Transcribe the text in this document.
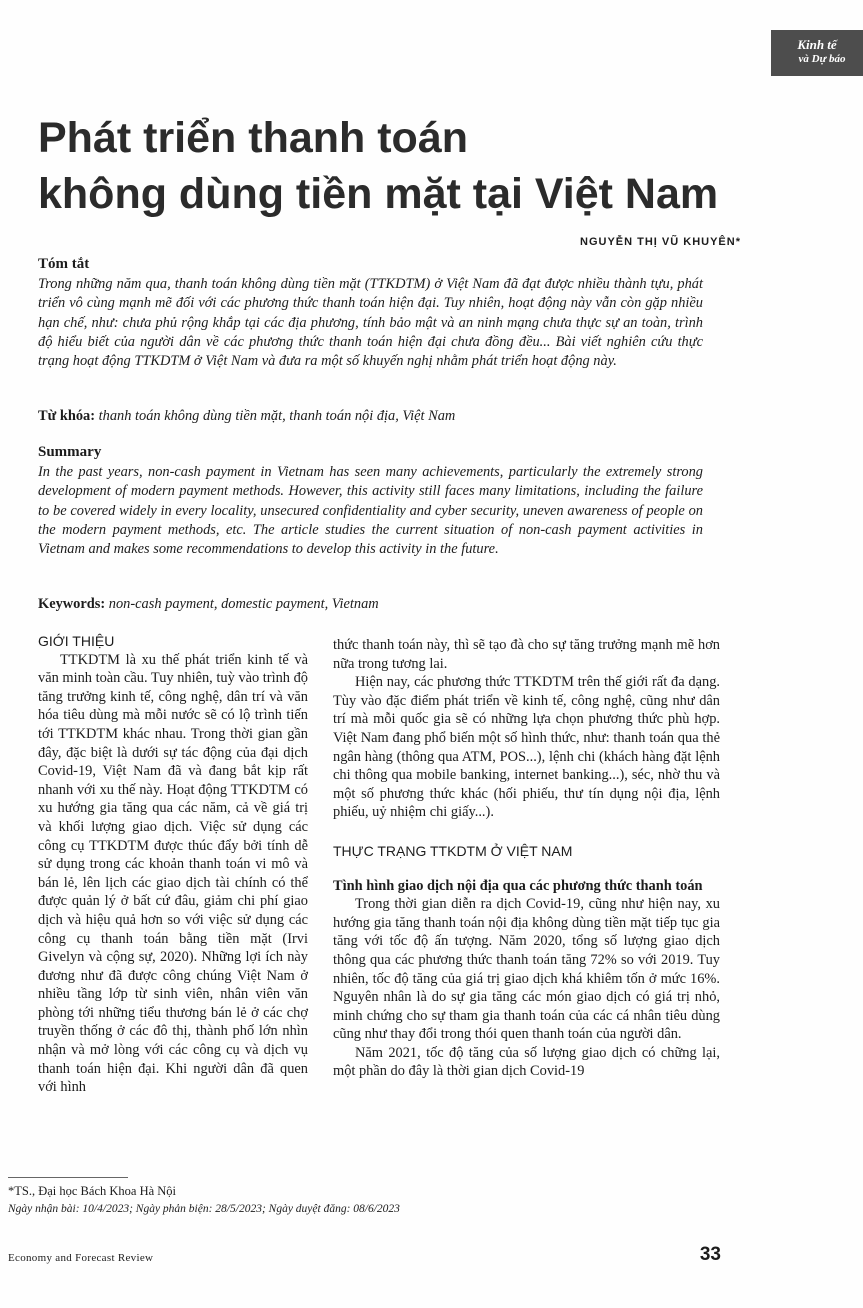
Kinh tế
và Dự báo
Phát triển thanh toán
không dùng tiền mặt tại Việt Nam
NGUYỄN THỊ VŨ KHUYÊN*
Tóm tắt

Trong những năm qua, thanh toán không dùng tiền mặt (TTKDTM) ở Việt Nam đã đạt được nhiều thành tựu, phát triển vô cùng mạnh mẽ đối với các phương thức thanh toán hiện đại. Tuy nhiên, hoạt động này vẫn còn gặp nhiều hạn chế, như: chưa phủ rộng khắp tại các địa phương, tính bảo mật và an ninh mạng chưa thực sự an toàn, trình độ hiểu biết của người dân về các phương thức thanh toán hiện đại chưa đồng đều... Bài viết nghiên cứu thực trạng hoạt động TTKDTM ở Việt Nam và đưa ra một số khuyến nghị nhằm phát triển hoạt động này.

Từ khóa: thanh toán không dùng tiền mặt, thanh toán nội địa, Việt Nam
Summary

In the past years, non-cash payment in Vietnam has seen many achievements, particularly the extremely strong development of modern payment methods. However, this activity still faces many limitations, including the failure to be covered widely in every locality, unsecured confidentiality and cyber security, uneven awareness of people on the modern payment methods, etc. The article studies the current situation of non-cash payment activities in Vietnam and makes some recommendations to develop this activity in the future.

Keywords: non-cash payment, domestic payment, Vietnam

GIỚI THIỆU

TTKDTM là xu thế phát triển kinh tế và văn minh toàn cầu. Tuy nhiên, tuỳ vào trình độ tăng trưởng kinh tế, công nghệ, dân trí và văn hóa tiêu dùng mà mỗi nước sẽ có lộ trình tiến tới TTKDTM khác nhau. Trong thời gian gần đây, đặc biệt là dưới sự tác động của đại dịch Covid-19, Việt Nam đã và đang bắt kịp rất nhanh với xu thế này. Hoạt động TTKDTM có xu hướng gia tăng qua các năm, cả về giá trị và khối lượng giao dịch. Việc sử dụng các công cụ TTKDTM được thúc đẩy bởi tính dễ sử dụng trong các khoản thanh toán vi mô và bán lẻ, lên lịch các giao dịch tài chính có thể được quản lý ở bất cứ đâu, giảm chi phí giao dịch và hiệu quả hơn so với việc sử dụng các công cụ thanh toán bằng tiền mặt (Irvi Givelyn và cộng sự, 2020). Những lợi ích này đương như đã được công chúng Việt Nam ở nhiều tầng lớp từ sinh viên, nhân viên văn phòng tới những tiểu thương bán lẻ ở các chợ truyền thống ở các đô thị, thành phố lớn nhìn nhận và mở lòng với các công cụ và dịch vụ thanh toán hiện đại. Khi người dân đã quen với hình

thức thanh toán này, thì sẽ tạo đà cho sự tăng trưởng mạnh mẽ hơn nữa trong tương lai.

Hiện nay, các phương thức TTKDTM trên thế giới rất đa dạng. Tùy vào đặc điểm phát triển về kinh tế, công nghệ, cũng như dân trí mà mỗi quốc gia sẽ có những lựa chọn phương thức phù hợp. Việt Nam đang phổ biến một số hình thức, như: thanh toán qua thẻ ngân hàng (thông qua ATM, POS...), lệnh chi (khách hàng đặt lệnh chi thông qua mobile banking, internet banking...), séc, nhờ thu và một số phương thức khác (hối phiếu, thư tín dụng nội địa, lệnh phiếu, uỷ nhiệm chi giấy...).

THỰC TRẠNG TTKDTM Ở VIỆT NAM

Tình hình giao dịch nội địa qua các phương thức thanh toán

Trong thời gian diễn ra dịch Covid-19, cũng như hiện nay, xu hướng gia tăng thanh toán nội địa không dùng tiền mặt tiếp tục gia tăng với tốc độ ấn tượng. Năm 2020, tổng số lượng giao dịch thông qua các phương thức thanh toán tăng 72% so với 2019. Tuy nhiên, tốc độ tăng của giá trị giao dịch khá khiêm tốn ở mức 16%. Nguyên nhân là do sự gia tăng các món giao dịch có giá trị nhỏ, minh chứng cho sự tham gia thanh toán của các cá nhân tiêu dùng cũng như thay đổi trong thói quen thanh toán của người dân.

Năm 2021, tốc độ tăng của số lượng giao dịch có chững lại, một phần do đây là thời gian dịch Covid-19

*TS., Đại học Bách Khoa Hà Nội
Ngày nhận bài: 10/4/2023; Ngày phản biện: 28/5/2023; Ngày duyệt đăng: 08/6/2023
Economy and Forecast Review	33
